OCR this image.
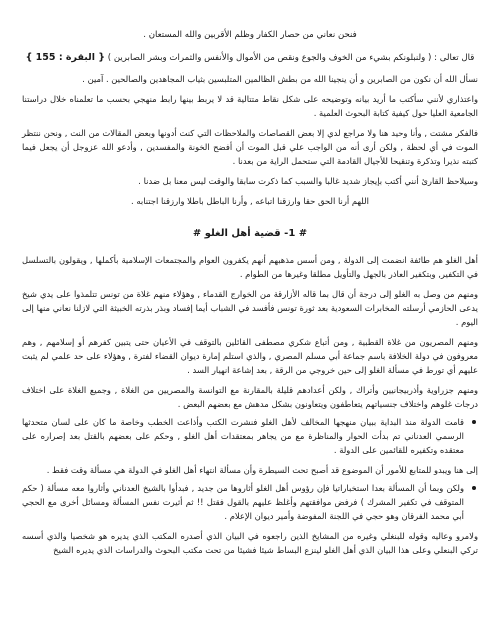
فنحن نعاني من حصار الكفار وظلم الأقربين والله المستعان .

قال تعالى : ( ولنبلونكم بشيء من الخوف والجوع ونقص من الأموال والأنفس والثمرات وبشر الصابرين ) { البقرة : 155 }

نسأل الله أن نكون من الصابرين و أن ينجينا الله من بطش الظالمين المتلبسين بثياب المجاهدين والصالحين . آمين .

واعتذاري لأنني سأكتب ما أريد بيانه وتوضيحه على شكل نقاط متتالية قد لا يربط بينها رابط منهجي بحسب ما تعلمناه خلال دراستنا الجامعية العليا حول كيفية كتابة البحوث العلمية .

فالفكر مشتت , وأنا وحيد هنا ولا مراجع لدي إلا بعض القصاصات والملاحظات التي كنت أدونها وبعض المقالات من النت , ونحن ننتظر الموت في أي لحظة , ولكن أرى أنه من الواجب علي قبل الموت أن أفضح الخونة والمفسدين , وأدعو الله عزوجل أن يجعل فيما كتبته نذيرا وتذكرة وتنقيحا للأجيال القادمة التي ستحمل الراية من بعدنا .

وسيلاحظ القارئ أنني أكتب بإيجاز شديد غالبا والسبب كما ذكرت سابقا والوقت ليس معنا بل ضدنا .

اللهم أرنا الحق حقا وارزقنا اتباعه , وأرنا الباطل باطلا وارزقنا اجتنابه .

# 1- قضية أهل الغلو #

أهل الغلو هم طائفة انضمت إلى الدولة , ومن أسس مذهبهم أنهم يكفرون العوام والمجتمعات الإسلامية بأكملها , ويقولون بالتسلسل في التكفير, وبتكفير العاذر بالجهل والتأويل مطلقا وغيرها من الطوام .

ومنهم من وصل به الغلو إلى درجة أن قال بما قاله الأزارقة من الخوارج القدماء , وهؤلاء منهم غلاة من تونس تتلمذوا على يدي شيخ يدعى الحازمي أرسلته المخابرات السعودية بعد ثورة تونس فأفسد في الشباب أيما إفساد وبذر بذرته الخبيثة التي لازلنا نعاني منها إلى اليوم .

ومنهم المصريون من غلاة القطبية , ومن أتباع شكري مصطفى القائلين بالتوقف في الأعيان حتى يتبين كفرهم أو إسلامهم , وهم معروفون في دولة الخلافة باسم جماعة أبي مسلم المصري , والذي استلم إمارة ديوان القضاء لفترة , وهؤلاء على حد علمي لم يثبت عليهم أي تورط في مسألة الغلو إلى حين خروجي من الرقة , بعد إشاعة انهيار السد .

ومنهم جزراوية وأذربيجانيين وأتراك , ولكن أعدادهم قليلة بالمقارنة مع التوانسة والمصريين من الغلاة , وجميع الغلاة على اختلاف درجات غلوهم واختلاف جنسياتهم يتعاطفون ويتعاونون بشكل مدهش مع بعضهم البعض .

قامت الدولة منذ البداية ببيان منهجها المخالف لأهل الغلو فنشرت الكتب وأذاعت الخطب وخاصة ما كان على لسان متحدثها الرسمي العدناني تم بدأت الحوار والمناظرة مع من يجاهر بمعتقدات أهل الغلو , وحكم على بعضهم بالقتل بعد إصراره على معتقده وتكفيره للقائمين على الدولة .

إلى هنا ويبدو للمتابع للأمور أن الموضوع قد أصبح تحت السيطرة وأن مسألة انتهاء أهل الغلو في الدولة هي مسألة وقت فقط .

ولكن وبما أن المسألة بعدا استخباراتيا فإن رؤوس أهل الغلو أثاروها من جديد , فبدأوا بالشيخ العدناني وأثاروا معه مسألة ( حكم المتوقف في تكفير المشرك ) فرفض موافقتهم وأغلظ عليهم بالقول فقتل !! ثم أثيرت نفس المسألة ومسائل أخرى مع الحجي أبي محمد الفرقان وهو حجي في اللجنة المفوضة وأمير ديوان الإعلام .

ولامرو وعاليه وقوله للبنغلي وغيره من المشايخ الذين راجعوه في البيان الذي أصدره المكتب الذي يديره هو شخصيا والذي أسسه تركي البنعلي وعلى هذا البيان الذي أهل الغلو لينزع البساط شيئا فشيئا من تحت مكتب البحوث والدراسات الذي يديره الشيخ
